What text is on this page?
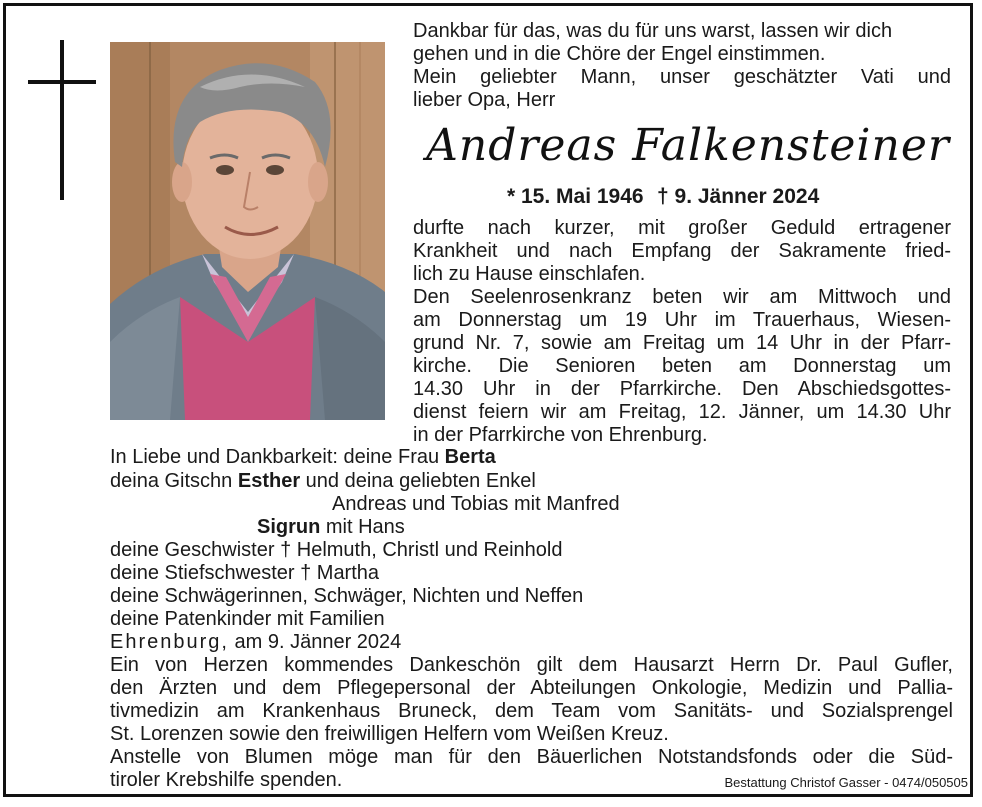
Dankbar für das, was du für uns warst, lassen wir dich
gehen und in die Chöre der Engel einstimmen.
Mein geliebter Mann, unser geschätzter Vati und
lieber Opa, Herr
Andreas Falkensteiner
* 15. Mai 1946 † 9. Jänner 2024
durfte nach kurzer, mit großer Geduld ertragener
Krankheit und nach Empfang der Sakramente fried-
lich zu Hause einschlafen.
Den Seelenrosenkranz beten wir am Mittwoch und
am Donnerstag um 19 Uhr im Trauerhaus, Wiesen-
grund Nr. 7, sowie am Freitag um 14 Uhr in der Pfarr-
kirche. Die Senioren beten am Donnerstag um
14.30 Uhr in der Pfarrkirche. Den Abschiedsgottes-
dienst feiern wir am Freitag, 12. Jänner, um 14.30 Uhr
in der Pfarrkirche von Ehrenburg.
In Liebe und Dankbarkeit: deine Frau Berta
deina Gitschn Esther und deina geliebten Enkel
Andreas und Tobias mit Manfred
Sigrun mit Hans
deine Geschwister † Helmuth, Christl und Reinhold
deine Stiefschwester † Martha
deine Schwägerinnen, Schwäger, Nichten und Neffen
deine Patenkinder mit Familien
Ehrenburg, am 9. Jänner 2024
Ein von Herzen kommendes Dankeschön gilt dem Hausarzt Herrn Dr. Paul Gufler,
den Ärzten und dem Pflegepersonal der Abteilungen Onkologie, Medizin und Pallia-
tivmedizin am Krankenhaus Bruneck, dem Team vom Sanitäts- und Sozialsprengel
St. Lorenzen sowie den freiwilligen Helfern vom Weißen Kreuz.
Anstelle von Blumen möge man für den Bäuerlichen Notstandsfonds oder die Süd-
tiroler Krebshilfe spenden.	Bestattung Christof Gasser - 0474/050505
